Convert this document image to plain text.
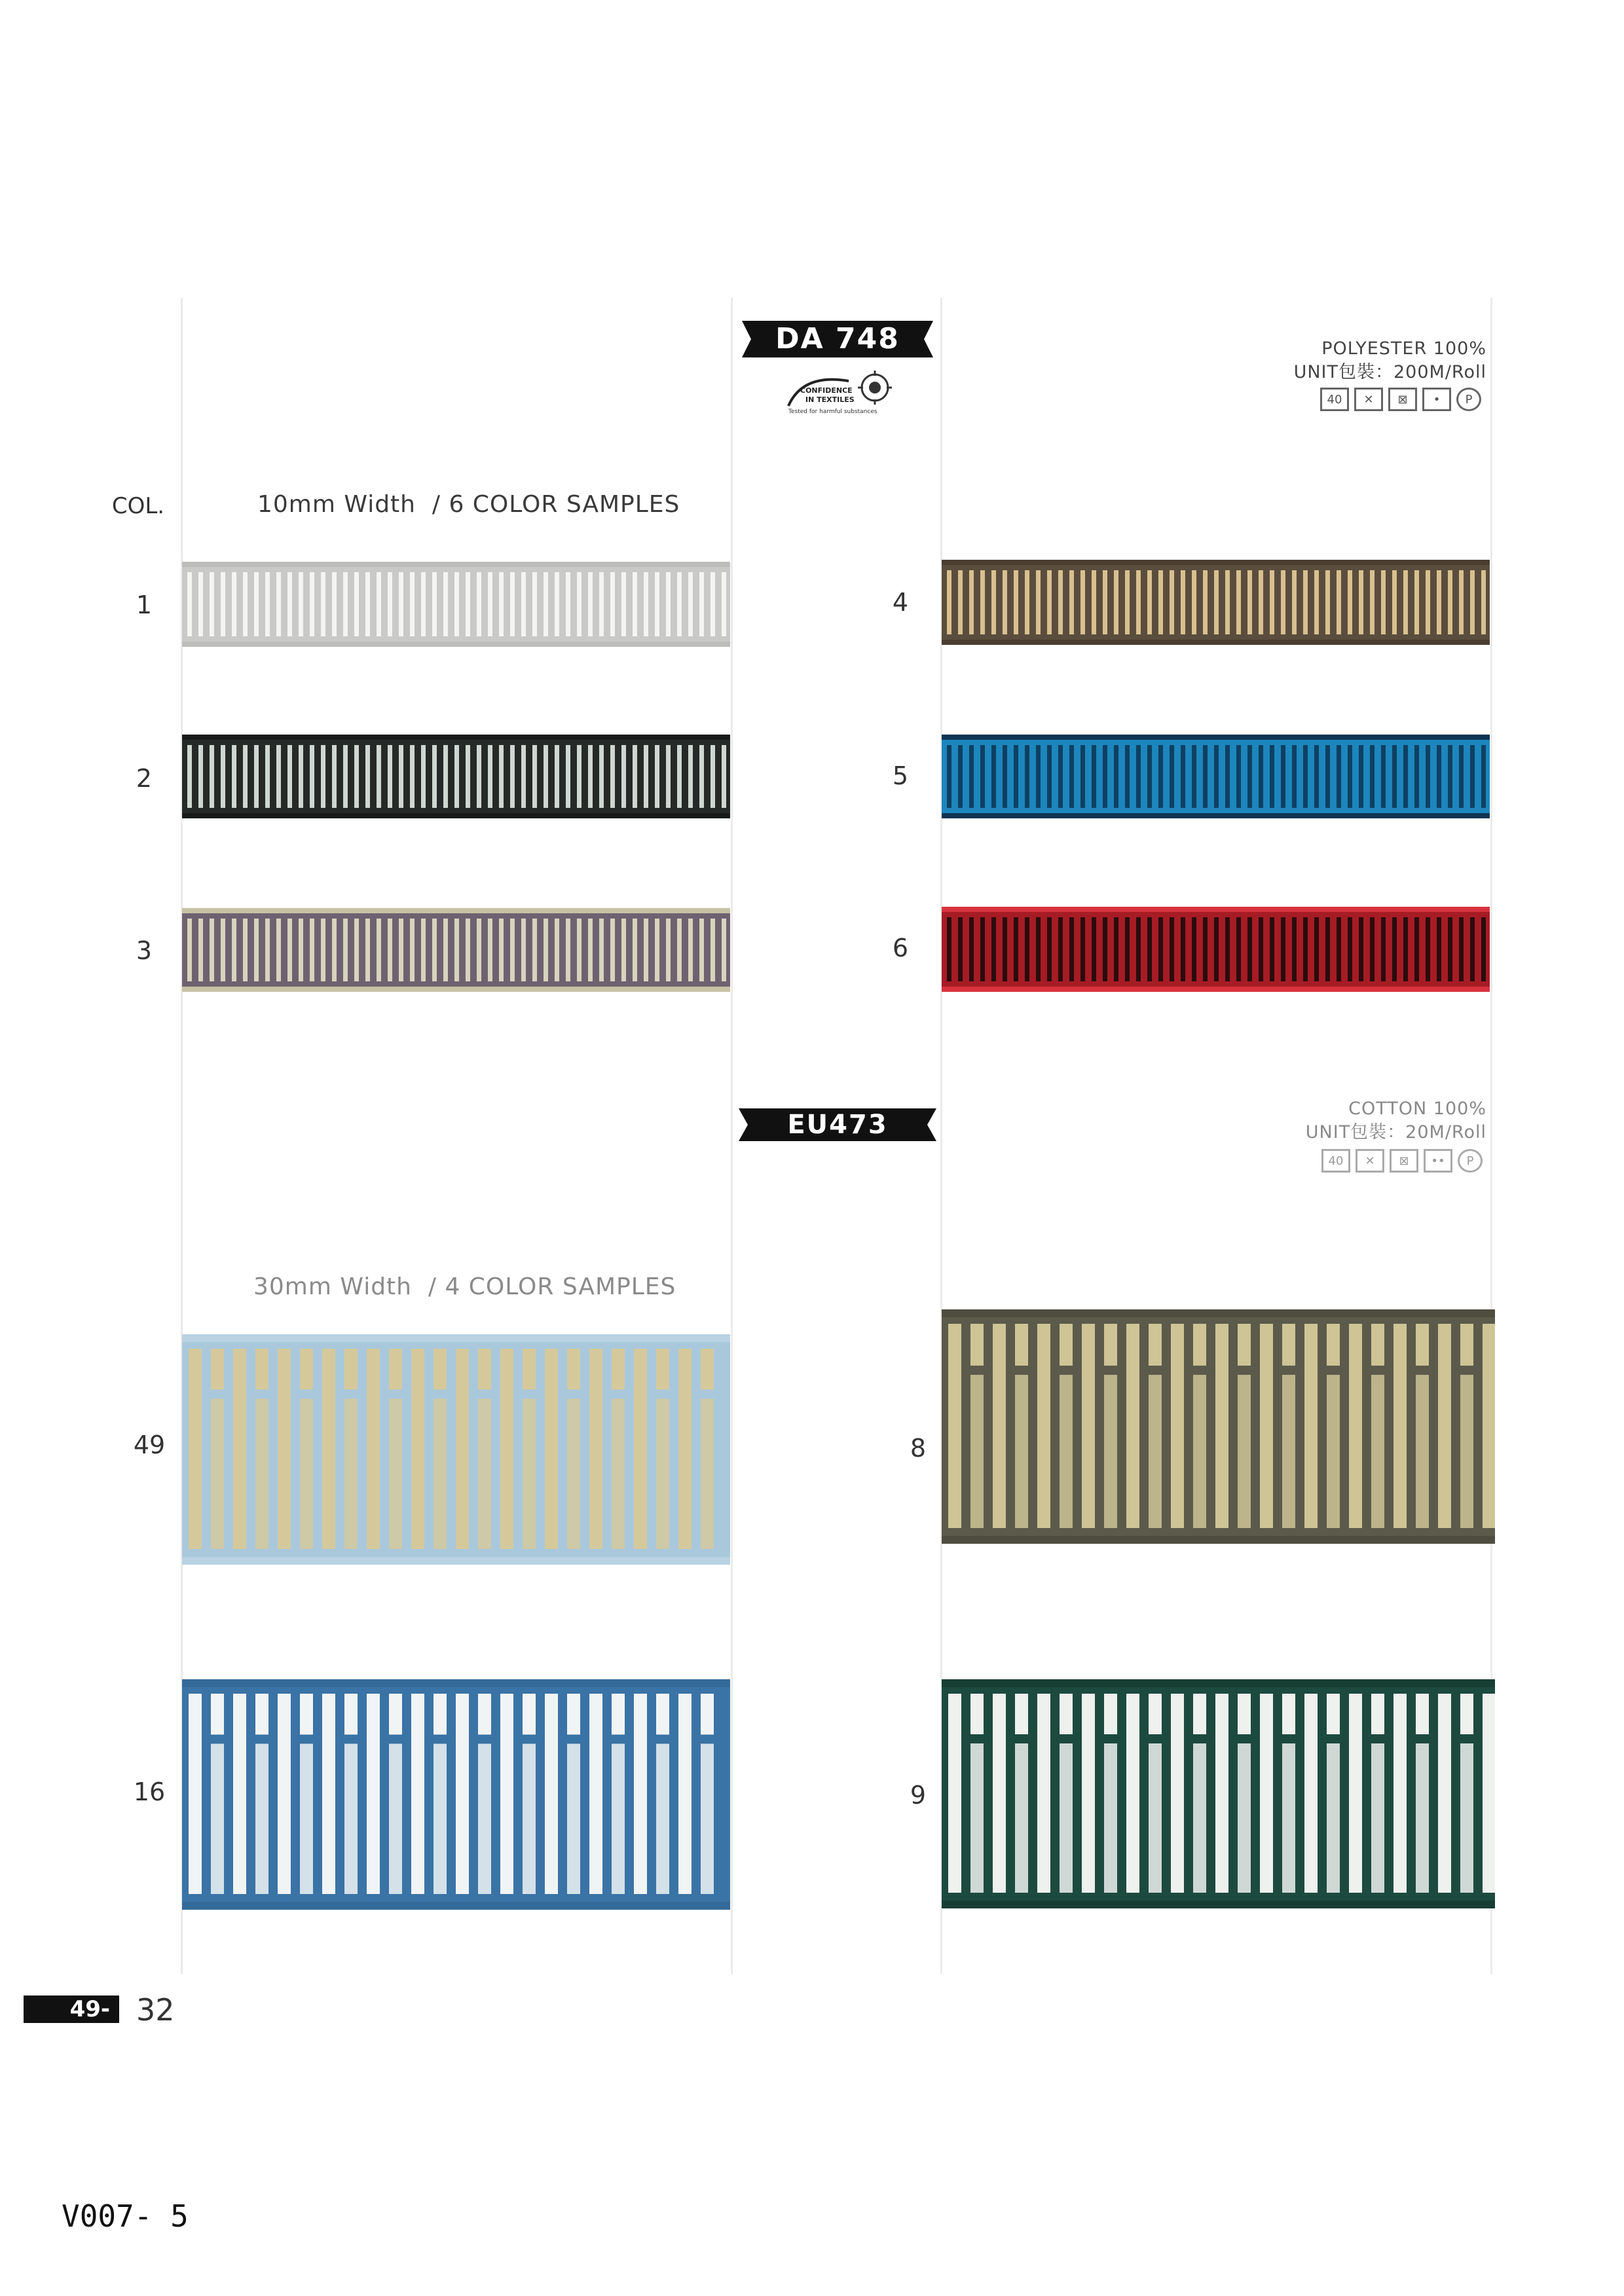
DA 748
CONFIDENCE
IN TEXTILES
Tested for harmful substances
POLYESTER 100%
UNIT包裝：200M/Roll
40	✕	⊠	•	P
COL.	10mm Width  / 6 COLOR SAMPLES
1
2
3
4
5
6
EU473
COTTON 100%
UNIT包裝：20M/Roll
40	✕	⊠	••	P
30mm Width  / 4 COLOR SAMPLES
49
16
8
9
49- 32
V007- 5
